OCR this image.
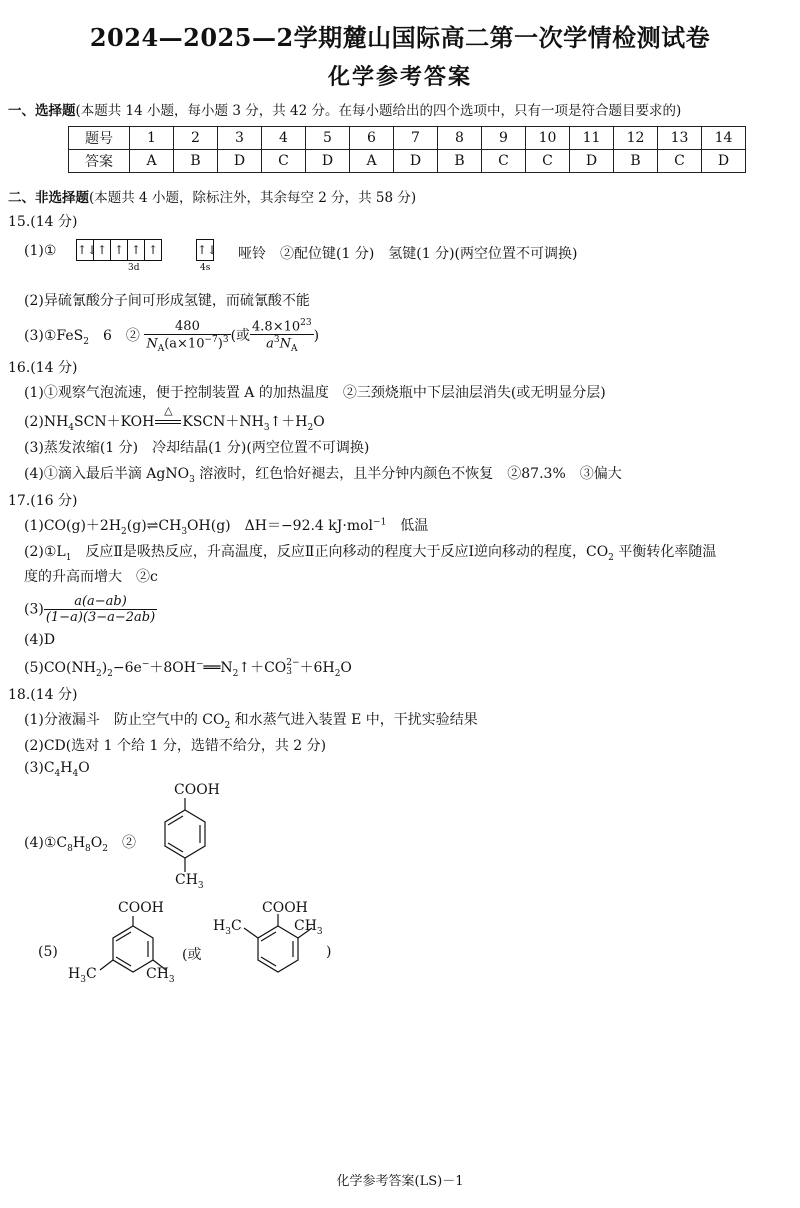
2024—2025—2学期麓山国际高二第一次学情检测试卷
化学参考答案
一、选择题(本题共 14 小题，每小题 3 分，共 42 分。在每小题给出的四个选项中，只有一项是符合题目要求的)
题号	1	2	3	4	5	6	7	8	9	10	11	12	13	14
答案	A	B	D	C	D	A	D	B	C	C	D	B	C	D
二、非选择题(本题共 4 小题，除标注外，其余每空 2 分，共 58 分)
15.(14 分)
(1)① ↑↓ ↑ ↑ ↑ ↑	↑↓
3d	4s
哑铃　②配位键(1 分)　氢键(1 分)(两空位置不可调换)
(2)异硫氰酸分子间可形成氢键，而硫氰酸不能
(3)①FeS$_2$　6　② $\frac{480}{N_A(a\times 10^{-7})^3}$ (或 $\frac{4.8\times 10^{23}}{a^3N_A}$ )
16.(14 分)
(1)①观察气泡流速，便于控制装置 A 的加热温度　②三颈烧瓶中下层油层消失(或无明显分层)
$(2)NH_4SCN+KOH$
△
$KSCN+NH_3↑+H_2O$
(3)蒸发浓缩(1 分)　冷却结晶(1 分)(两空位置不可调换)
(4)①滴入最后半滴 AgNO$_3$ 溶液时，红色恰好褪去，且半分钟内颜色不恢复　②87.3%　③偏大
17.(16 分)
$(1)CO(g)+2H_2(g)\rightleftharpoons CH_3OH(g)$　ΔH＝−92.4 kJ·mol$^{-1}$　低温
$(2)①L_1$　反应Ⅱ是吸热反应，升高温度，反应Ⅱ正向移动的程度大于反应Ⅰ逆向移动的程度，$CO_2$ 平衡转化率随温
度的升高而增大　②c
$(3) \frac{a(a-ab)}{(1-a)(3-a-2ab)}$
(4)D
$(5)CO(NH_2)_2-6e^-+8OH^-══N_2↑+CO$ 2−
$3 +6H_2O$
18.(14 分)
(1)分液漏斗　防止空气中的 $CO_2$ 和水蒸气进入装置 E 中，干扰实验结果
(2)CD(选对 1 个给 1 分，选错不给分，共 2 分)
$(3)C_4H_4O$
$(4)①C_8H_8O_2$　②
COOH
$CH_3$
(5)
COOH
$H_3C$	$CH_3$
(或
COOH
$H_3C$	$CH_3$
)
化学参考答案(LS)－1
